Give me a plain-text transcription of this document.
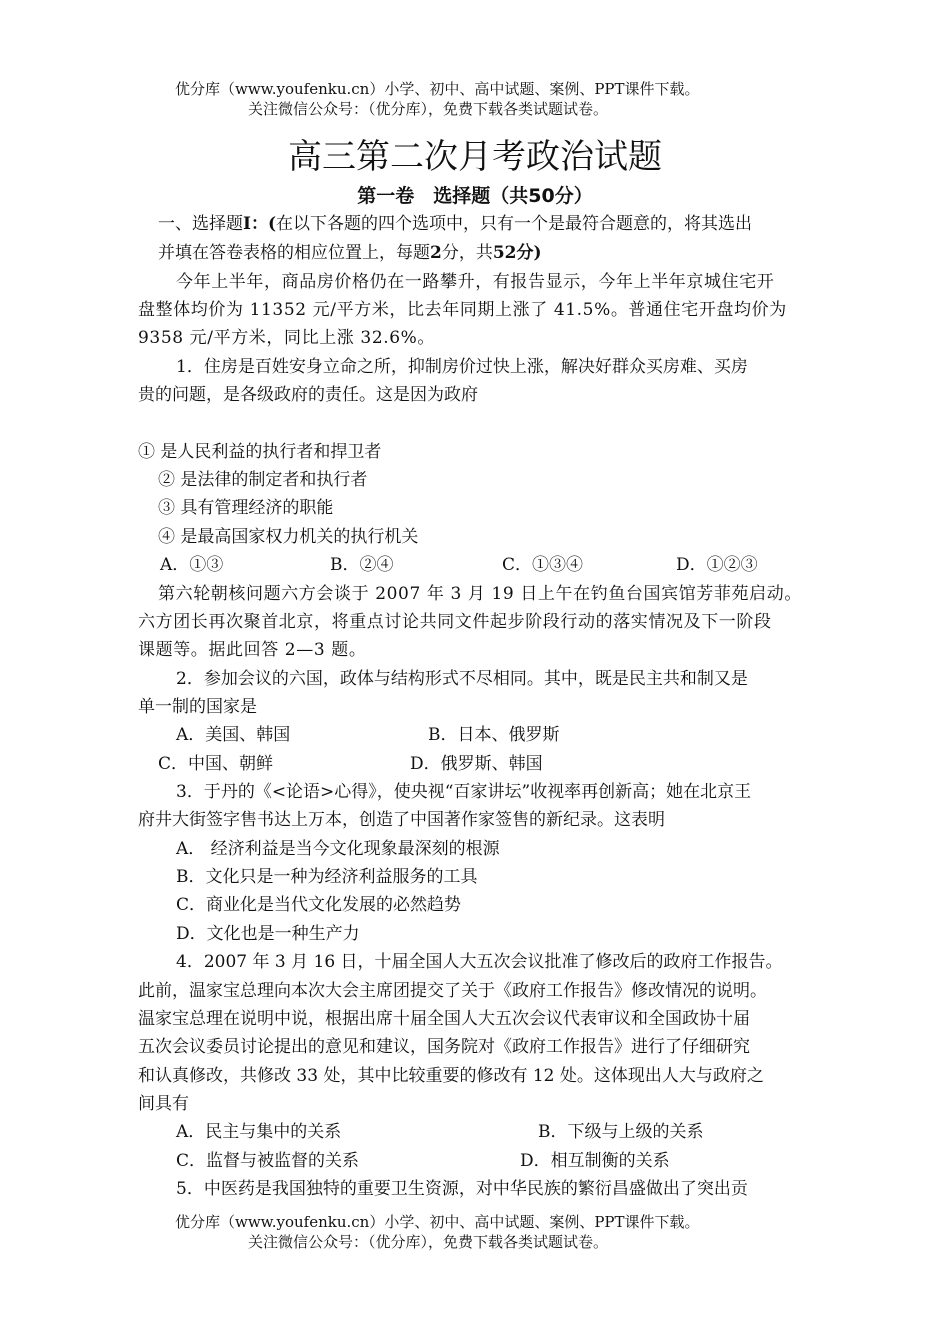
优分库（www.youfenku.cn）小学、初中、高中试题、案例、PPT课件下载。
关注微信公众号：（优分库），免费下载各类试题试卷。
高三第二次月考政治试题
第一卷　选择题（共50分）
一、选择题I：(在以下各题的四个选项中，只有一个是最符合题意的，将其选出
并填在答卷表格的相应位置上，每题2分，共52分)
今年上半年，商品房价格仍在一路攀升，有报告显示，今年上半年京城住宅开
盘整体均价为 11352 元/平方米，比去年同期上涨了 41.5%。普通住宅开盘均价为
9358 元/平方米，同比上涨 32.6%。
1．住房是百姓安身立命之所，抑制房价过快上涨，解决好群众买房难、买房
贵的问题，是各级政府的责任。这是因为政府
① 是人民利益的执行者和捍卫者
② 是法律的制定者和执行者
③ 具有管理经济的职能
④ 是最高国家权力机关的执行机关
A．①③	B．②④	C．①③④	D．①②③
第六轮朝核问题六方会谈于 2007 年 3 月 19 日上午在钓鱼台国宾馆芳菲苑启动。
六方团长再次聚首北京，将重点讨论共同文件起步阶段行动的落实情况及下一阶段
课题等。据此回答 2—3 题。
2．参加会议的六国，政体与结构形式不尽相同。其中，既是民主共和制又是
单一制的国家是
A．美国、韩国	B．日本、俄罗斯
C．中国、朝鲜	D．俄罗斯、韩国
3．于丹的《<论语>心得》，使央视“百家讲坛”收视率再创新高；她在北京王
府井大街签字售书达上万本，创造了中国著作家签售的新纪录。这表明
A． 经济利益是当今文化现象最深刻的根源
B．文化只是一种为经济利益服务的工具
C．商业化是当代文化发展的必然趋势
D．文化也是一种生产力
4．2007 年 3 月 16 日，十届全国人大五次会议批准了修改后的政府工作报告。
此前，温家宝总理向本次大会主席团提交了关于《政府工作报告》修改情况的说明。
温家宝总理在说明中说，根据出席十届全国人大五次会议代表审议和全国政协十届
五次会议委员讨论提出的意见和建议，国务院对《政府工作报告》进行了仔细研究
和认真修改，共修改 33 处，其中比较重要的修改有 12 处。这体现出人大与政府之
间具有
A．民主与集中的关系	B．下级与上级的关系
C．监督与被监督的关系	D．相互制衡的关系
5．中医药是我国独特的重要卫生资源，对中华民族的繁衍昌盛做出了突出贡
优分库（www.youfenku.cn）小学、初中、高中试题、案例、PPT课件下载。
关注微信公众号：（优分库），免费下载各类试题试卷。
